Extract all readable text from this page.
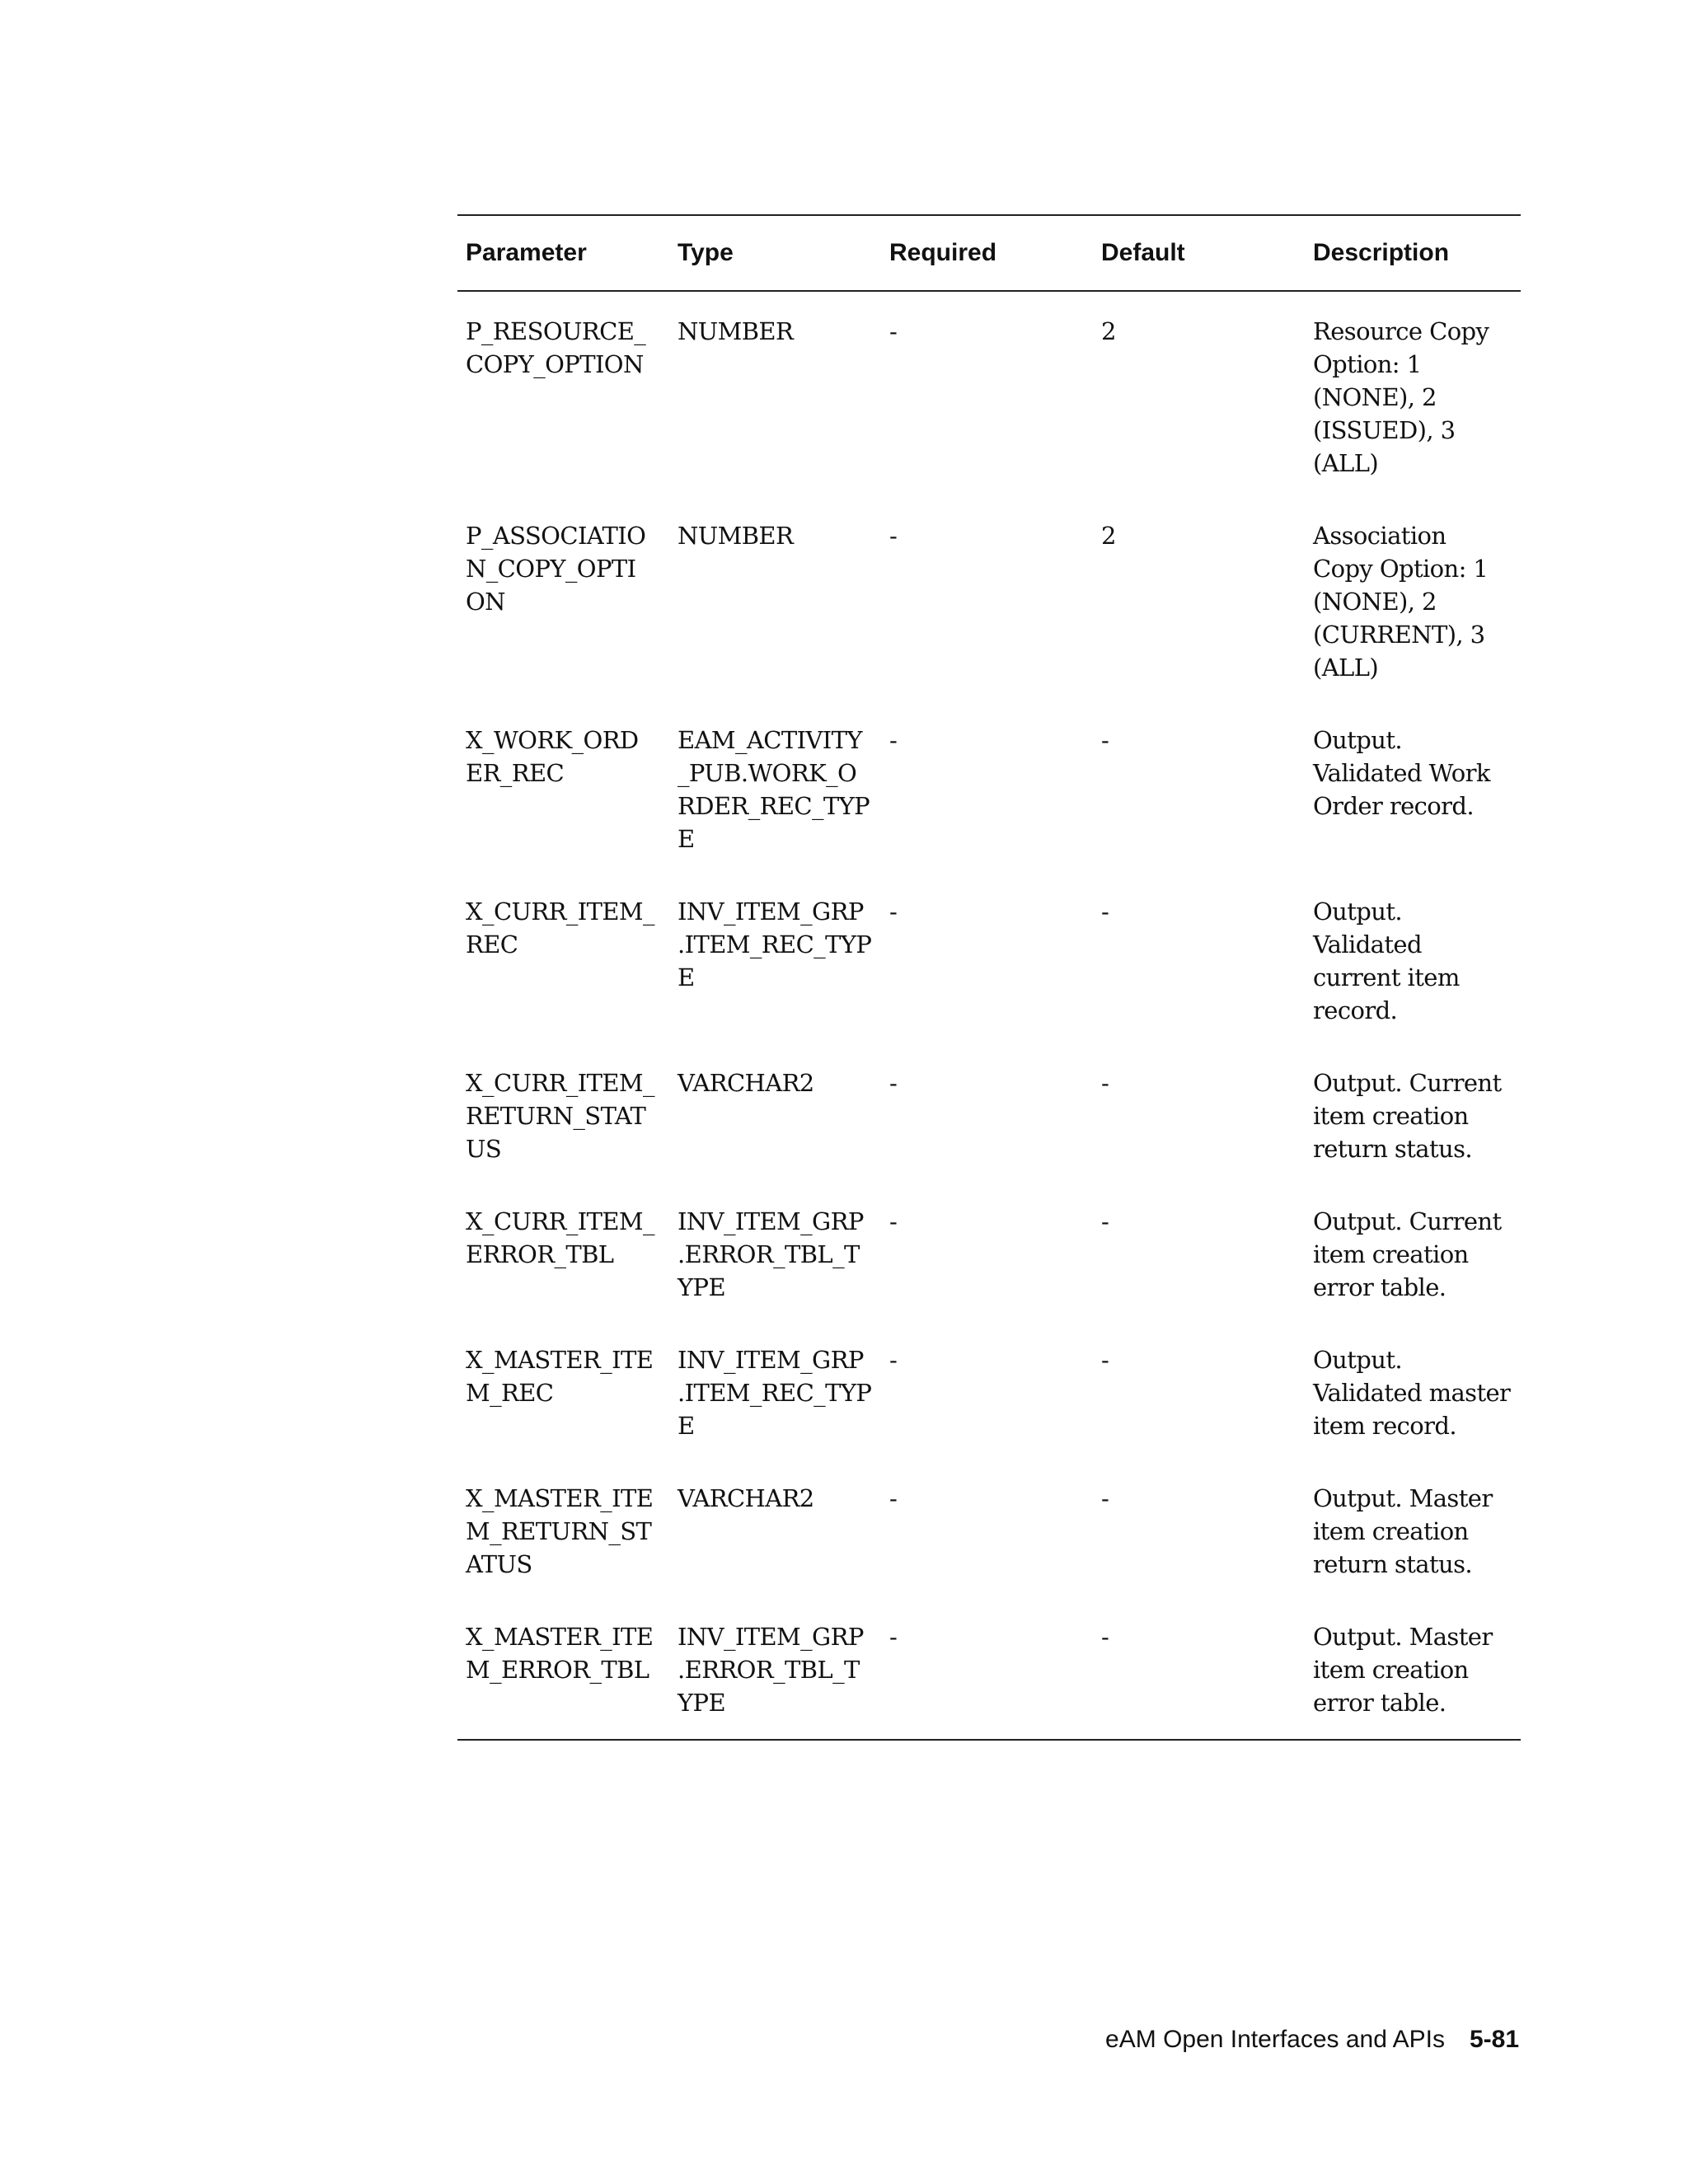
Parameter	Type	Required	Default	Description
P_RESOURCE_ COPY_OPTION	NUMBER	-	2	Resource Copy Option: 1 (NONE), 2 (ISSUED), 3 (ALL)
P_ASSOCIATIO N_COPY_OPTI ON	NUMBER	-	2	Association Copy Option: 1 (NONE), 2 (CURRENT), 3 (ALL)
X_WORK_ORD ER_REC	EAM_ACTIVITY _PUB.WORK_O RDER_REC_TYP E	-	-	Output. Validated Work Order record.
X_CURR_ITEM_ REC	INV_ITEM_GRP .ITEM_REC_TYP E	-	-	Output. Validated current item record.
X_CURR_ITEM_ RETURN_STAT US	VARCHAR2	-	-	Output. Current item creation return status.
X_CURR_ITEM_ ERROR_TBL	INV_ITEM_GRP .ERROR_TBL_T YPE	-	-	Output. Current item creation error table.
X_MASTER_ITE M_REC	INV_ITEM_GRP .ITEM_REC_TYP E	-	-	Output. Validated master item record.
X_MASTER_ITE M_RETURN_ST ATUS	VARCHAR2	-	-	Output. Master item creation return status.
X_MASTER_ITE M_ERROR_TBL	INV_ITEM_GRP .ERROR_TBL_T YPE	-	-	Output. Master item creation error table.
eAM Open Interfaces and APIs 5-81
